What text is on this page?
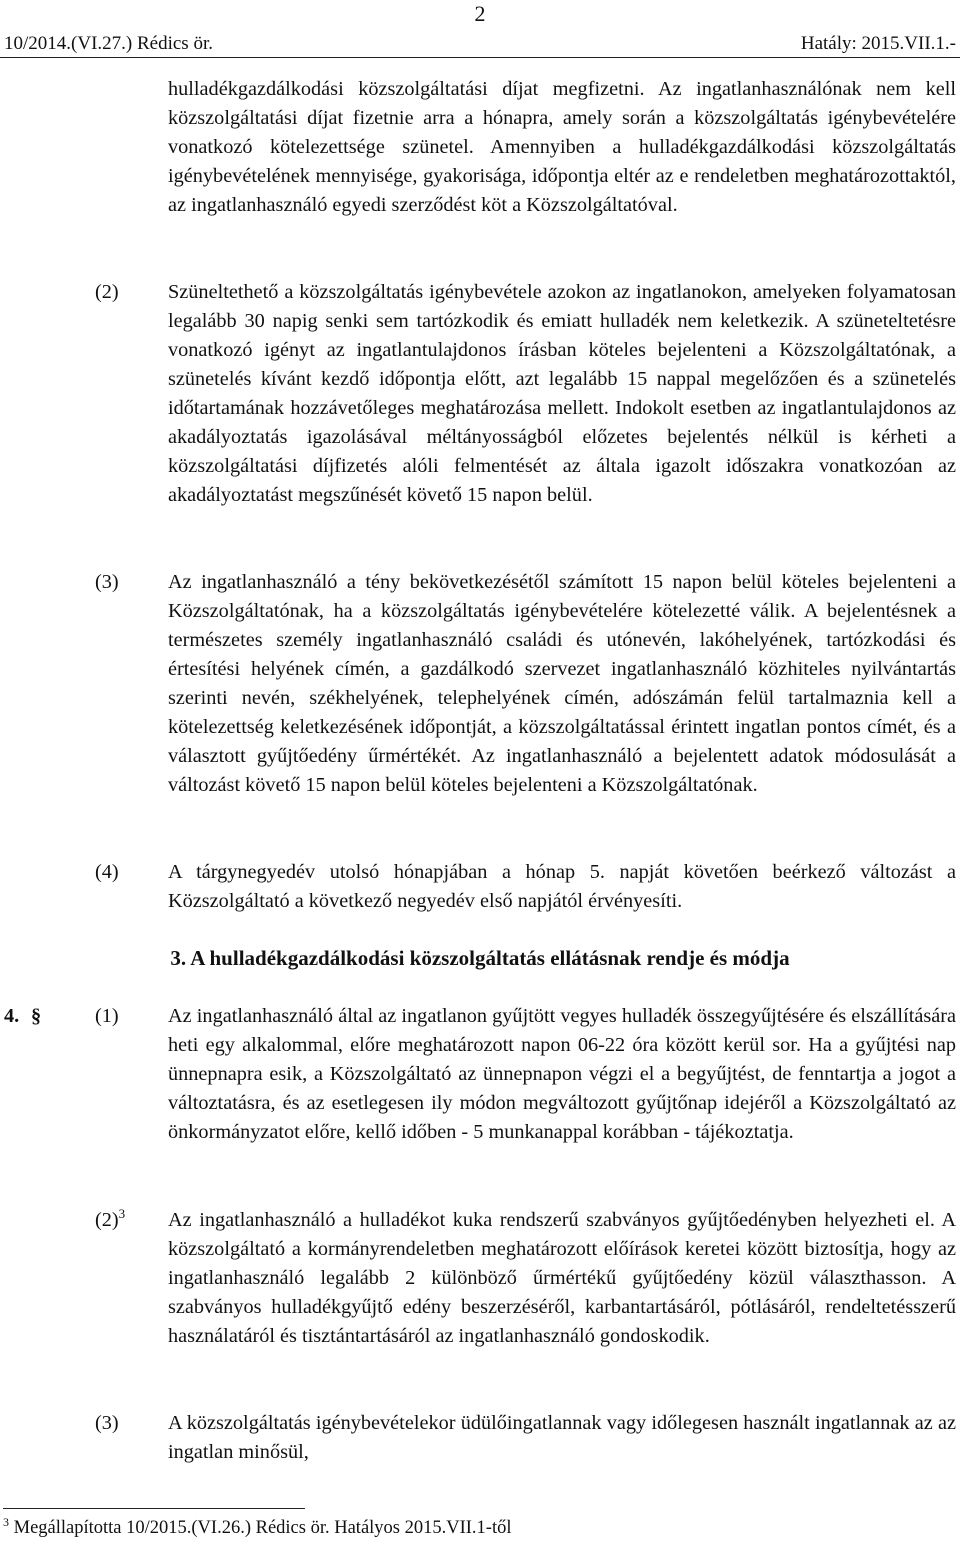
2
10/2014.(VI.27.) Rédics ör.	Hatály: 2015.VII.1.-
hulladékgazdálkodási közszolgáltatási díjat megfizetni. Az ingatlanhasználónak nem kell közszolgáltatási díjat fizetnie arra a hónapra, amely során a közszolgáltatás igénybevételére vonatkozó kötelezettsége szünetel. Amennyiben a hulladékgazdálkodási közszolgáltatás igénybevételének mennyisége, gyakorisága, időpontja eltér az e rendeletben meghatározottaktól, az ingatlanhasználó egyedi szerződést köt a Közszolgáltatóval.
(2) Szüneltethető a közszolgáltatás igénybevétele azokon az ingatlanokon, amelyeken folyamatosan legalább 30 napig senki sem tartózkodik és emiatt hulladék nem keletkezik. A szüneteltetésre vonatkozó igényt az ingatlantulajdonos írásban köteles bejelenteni a Közszolgáltatónak, a szünetelés kívánt kezdő időpontja előtt, azt legalább 15 nappal megelőzően és a szünetelés időtartamának hozzávetőleges meghatározása mellett. Indokolt esetben az ingatlantulajdonos az akadályoztatás igazolásával méltányosságból előzetes bejelentés nélkül is kérheti a közszolgáltatási díjfizetés alóli felmentését az általa igazolt időszakra vonatkozóan az akadályoztatást megszűnését követő 15 napon belül.
(3) Az ingatlanhasználó a tény bekövetkezésétől számított 15 napon belül köteles bejelenteni a Közszolgáltatónak, ha a közszolgáltatás igénybevételére kötelezetté válik. A bejelentésnek a természetes személy ingatlanhasználó családi és utónevén, lakóhelyének, tartózkodási és értesítési helyének címén, a gazdálkodó szervezet ingatlanhasználó közhiteles nyilvántartás szerinti nevén, székhelyének, telephelyének címén, adószámán felül tartalmaznia kell a kötelezettség keletkezésének időpontját, a közszolgáltatással érintett ingatlan pontos címét, és a választott gyűjtőedény űrmértékét. Az ingatlanhasználó a bejelentett adatok módosulását a változást követő 15 napon belül köteles bejelenteni a Közszolgáltatónak.
(4) A tárgynegyedév utolsó hónapjában a hónap 5. napját követően beérkező változást a Közszolgáltató a következő negyedév első napjától érvényesíti.
3. A hulladékgazdálkodási közszolgáltatás ellátásnak rendje és módja
4. §	(1) Az ingatlanhasználó által az ingatlanon gyűjtött vegyes hulladék összegyűjtésére és elszállítására heti egy alkalommal, előre meghatározott napon 06-22 óra között kerül sor. Ha a gyűjtési nap ünnepnapra esik, a Közszolgáltató az ünnepnapon végzi el a begyűjtést, de fenntartja a jogot a változtatásra, és az esetlegesen ily módon megváltozott gyűjtőnap idejéről a Közszolgáltató az önkormányzatot előre, kellő időben - 5 munkanappal korábban - tájékoztatja.
$(2)^3$ Az ingatlanhasználó a hulladékot kuka rendszerű szabványos gyűjtőedényben helyezheti el. A közszolgáltató a kormányrendeletben meghatározott előírások keretei között biztosítja, hogy az ingatlanhasználó legalább 2 különböző űrmértékű gyűjtőedény közül választhasson. A szabványos hulladékgyűjtő edény beszerzéséről, karbantartásáról, pótlásáról, rendeltetésszerű használatáról és tisztántartásáról az ingatlanhasználó gondoskodik.
(3) A közszolgáltatás igénybevételekor üdülőingatlannak vagy időlegesen használt ingatlannak az az ingatlan minősül,
$^3$ Megállapította 10/2015.(VI.26.) Rédics ör. Hatályos 2015.VII.1-től
